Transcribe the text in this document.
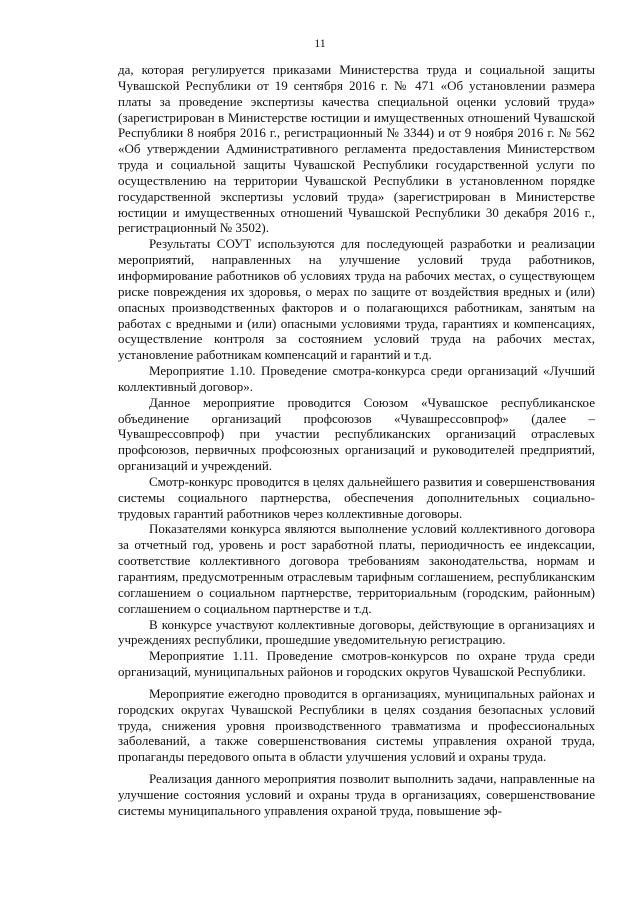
11

да, которая регулируется приказами Министерства труда и социальной защиты Чувашской Республики от 19 сентября 2016 г. № 471 «Об установлении размера платы за проведение экспертизы качества специальной оценки условий труда» (зарегистрирован в Министерстве юстиции и имущественных отношений Чувашской Республики 8 ноября 2016 г., регистрационный № 3344) и от 9 ноября 2016 г. № 562 «Об утверждении Административного регламента предоставления Министерством труда и социальной защиты Чувашской Республики государственной услуги по осуществлению на территории Чувашской Республики в установленном порядке государственной экспертизы условий труда» (зарегистрирован в Министерстве юстиции и имущественных отношений Чувашской Республики 30 декабря 2016 г., регистрационный № 3502).

Результаты СОУТ используются для последующей разработки и реализации мероприятий, направленных на улучшение условий труда работников, информирование работников об условиях труда на рабочих местах, о существующем риске повреждения их здоровья, о мерах по защите от воздействия вредных и (или) опасных производственных факторов и о полагающихся работникам, занятым на работах с вредными и (или) опасными условиями труда, гарантиях и компенсациях, осуществление контроля за состоянием условий труда на рабочих местах, установление работникам компенсаций и гарантий и т.д.

Мероприятие 1.10. Проведение смотра-конкурса среди организаций «Лучший коллективный договор».

Данное мероприятие проводится Союзом «Чувашское республиканское объединение организаций профсоюзов «Чувашрессовпроф» (далее – Чувашрессовпроф) при участии республиканских организаций отраслевых профсоюзов, первичных профсоюзных организаций и руководителей предприятий, организаций и учреждений.

Смотр-конкурс проводится в целях дальнейшего развития и совершенствования системы социального партнерства, обеспечения дополнительных социально-трудовых гарантий работников через коллективные договоры.

Показателями конкурса являются выполнение условий коллективного договора за отчетный год, уровень и рост заработной платы, периодичность ее индексации, соответствие коллективного договора требованиям законодательства, нормам и гарантиям, предусмотренным отраслевым тарифным соглашением, республиканским соглашением о социальном партнерстве, территориальным (городским, районным) соглашением о социальном партнерстве и т.д.

В конкурсе участвуют коллективные договоры, действующие в организациях и учреждениях республики, прошедшие уведомительную регистрацию.

Мероприятие 1.11. Проведение смотров-конкурсов по охране труда среди организаций, муниципальных районов и городских округов Чувашской Республики.

Мероприятие ежегодно проводится в организациях, муниципальных районах и городских округах Чувашской Республики в целях создания безопасных условий труда, снижения уровня производственного травматизма и профессиональных заболеваний, а также совершенствования системы управления охраной труда, пропаганды передового опыта в области улучшения условий и охраны труда.

Реализация данного мероприятия позволит выполнить задачи, направленные на улучшение состояния условий и охраны труда в организациях, совершенствование системы муниципального управления охраной труда, повышение эф-
